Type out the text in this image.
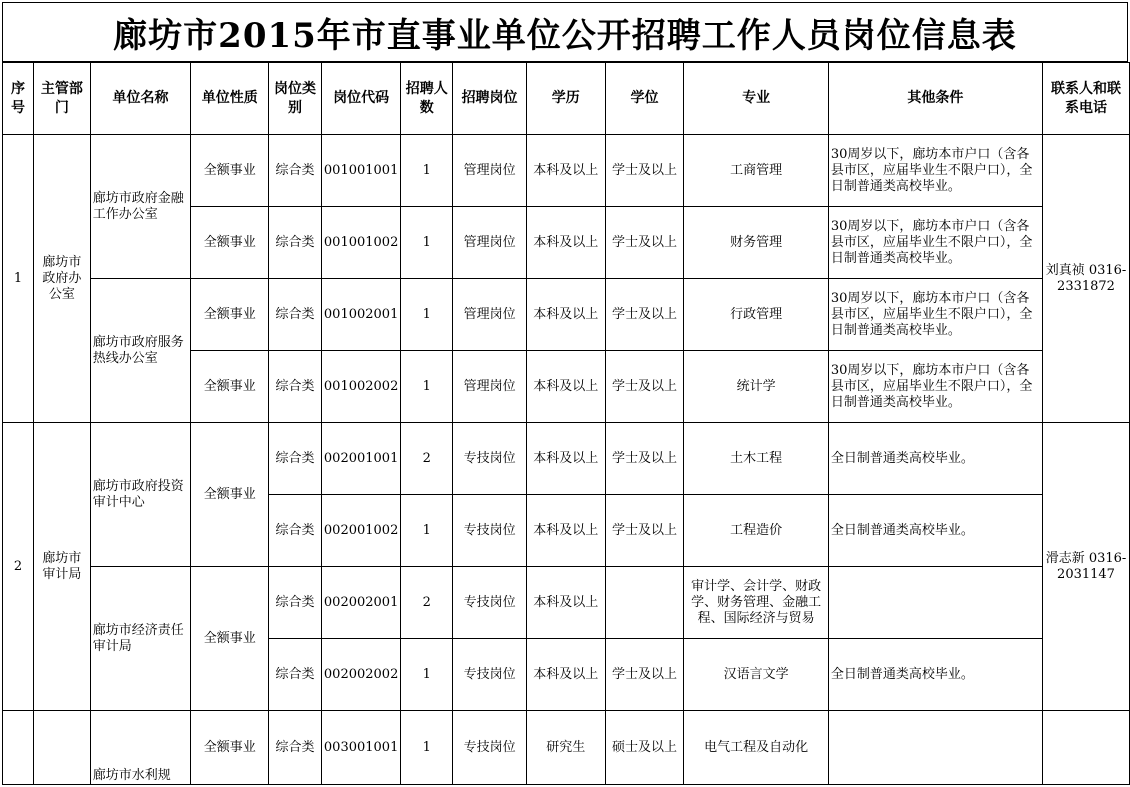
廊坊市2015年市直事业单位公开招聘工作人员岗位信息表
序号	主管部门	单位名称	单位性质	岗位类别	岗位代码	招聘人数	招聘岗位	学历	学位	专业	其他条件	联系人和联系电话
1	廊坊市政府办公室	廊坊市政府金融工作办公室	全额事业	综合类	001001001	1	管理岗位	本科及以上	学士及以上	工商管理	30周岁以下，廊坊本市户口（含各县市区，应届毕业生不限户口），全日制普通类高校毕业。	刘真祯 0316-2331872
			全额事业	综合类	001001002	1	管理岗位	本科及以上	学士及以上	财务管理	30周岁以下，廊坊本市户口（含各县市区，应届毕业生不限户口），全日制普通类高校毕业。	
		廊坊市政府服务热线办公室	全额事业	综合类	001002001	1	管理岗位	本科及以上	学士及以上	行政管理	30周岁以下，廊坊本市户口（含各县市区，应届毕业生不限户口），全日制普通类高校毕业。	
			全额事业	综合类	001002002	1	管理岗位	本科及以上	学士及以上	统计学	30周岁以下，廊坊本市户口（含各县市区，应届毕业生不限户口），全日制普通类高校毕业。	
2	廊坊市审计局	廊坊市政府投资审计中心	全额事业	综合类	002001001	2	专技岗位	本科及以上	学士及以上	土木工程	全日制普通类高校毕业。	滑志新 0316-2031147
				综合类	002001002	1	专技岗位	本科及以上	学士及以上	工程造价	全日制普通类高校毕业。	
		廊坊市经济责任审计局	全额事业	综合类	002002001	2	专技岗位	本科及以上		审计学、会计学、财政学、财务管理、金融工程、国际经济与贸易		
				综合类	002002002	1	专技岗位	本科及以上	学士及以上	汉语言文学	全日制普通类高校毕业。	
		廊坊市水利规	全额事业	综合类	003001001	1	专技岗位	研究生	硕士及以上	电气工程及自动化		
